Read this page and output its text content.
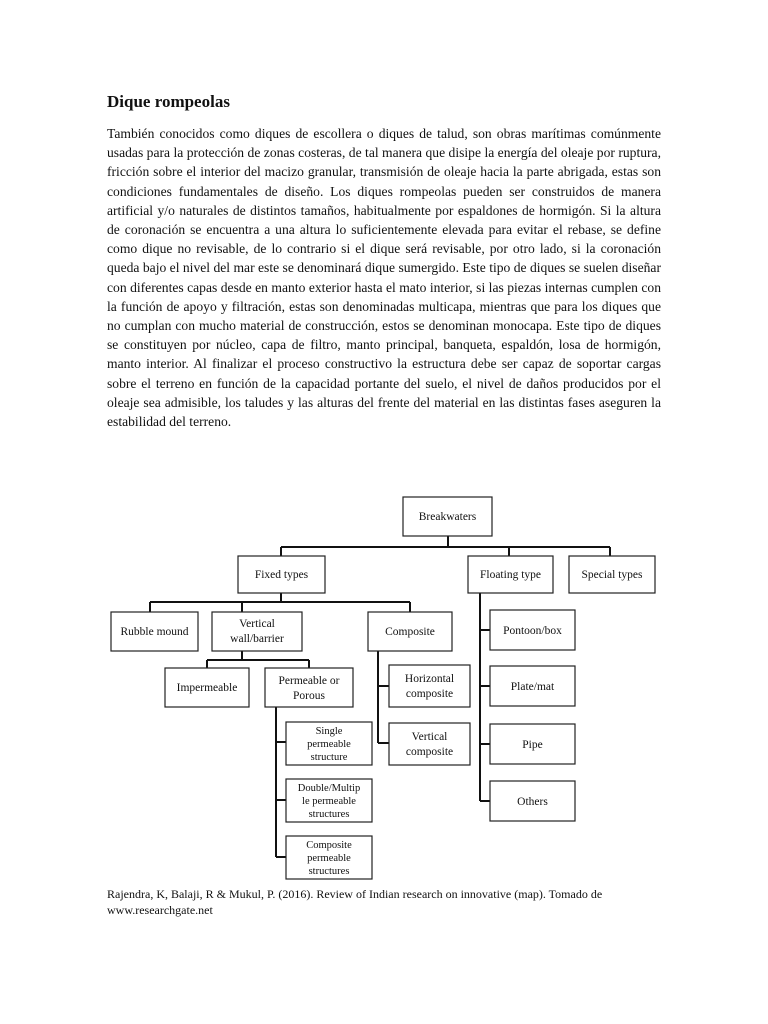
Dique rompeolas

También conocidos como diques de escollera o diques de talud, son obras marítimas comúnmente usadas para la protección de zonas costeras, de tal manera que disipe la energía del oleaje por ruptura, fricción sobre el interior del macizo granular, transmisión de oleaje hacia la parte abrigada, estas son condiciones fundamentales de diseño. Los diques rompeolas pueden ser construidos de manera artificial y/o naturales de distintos tamaños, habitualmente por espaldones de hormigón. Si la altura de coronación se encuentra a una altura lo suficientemente elevada para evitar el rebase, se define como dique no revisable, de lo contrario si el dique será revisable, por otro lado, si la coronación queda bajo el nivel del mar este se denominará dique sumergido. Este tipo de diques se suelen diseñar con diferentes capas desde en manto exterior hasta el mato interior, si las piezas internas cumplen con la función de apoyo y filtración, estas son denominadas multicapa, mientras que para los diques que no cumplan con mucho material de construcción, estos se denominan monocapa. Este tipo de diques se constituyen por núcleo, capa de filtro, manto principal, banqueta, espaldón, losa de hormigón, manto interior. Al finalizar el proceso constructivo la estructura debe ser capaz de soportar cargas sobre el terreno en función de la capacidad portante del suelo, el nivel de daños producidos por el oleaje sea admisible, los taludes y las alturas del frente del material en las distintas fases aseguren la estabilidad del terreno.

Breakwaters
Fixed types	Floating type	Special types
Rubble mound
Vertical
wall/barrier
Composite
Impermeable
Permeable or
Porous
Horizontal
composite
Vertical
composite
Single
permeable
structure
Double/Multip
le permeable
structures
Composite
permeable
structures
Pontoon/box
Plate/mat
Pipe
Others
Rajendra, K, Balaji, R & Mukul, P. (2016). Review of Indian research on innovative (map). Tomado de
www.researchgate.net
